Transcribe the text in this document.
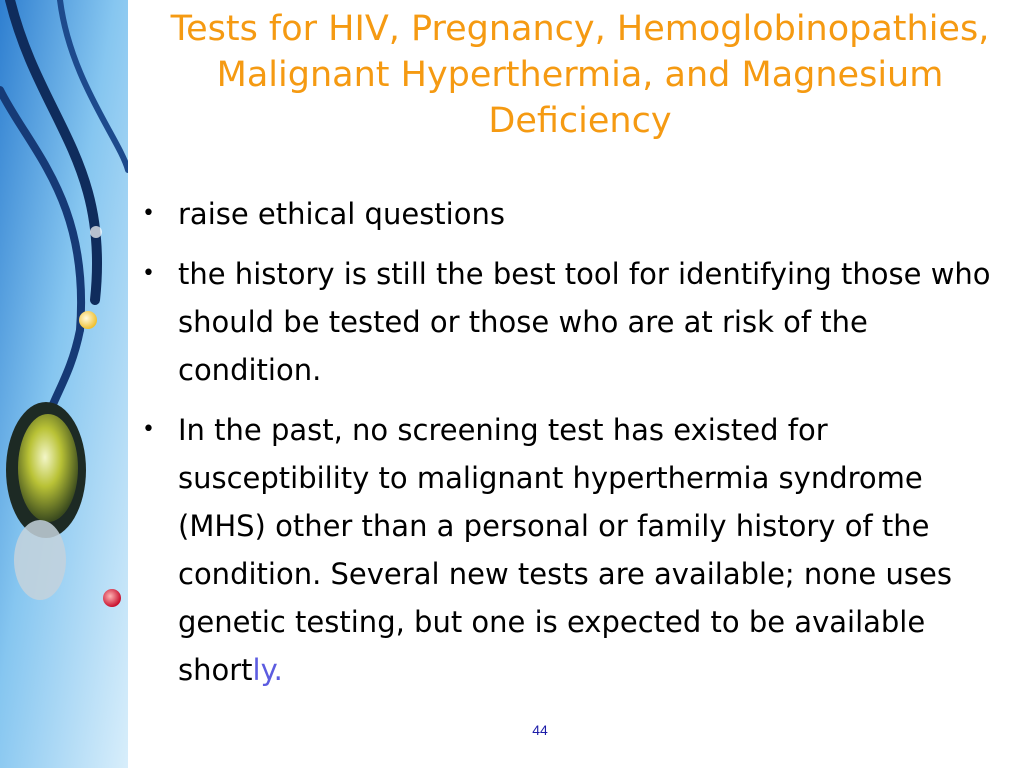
Tests for HIV, Pregnancy, Hemoglobinopathies, Malignant Hyperthermia, and Magnesium Deficiency
• raise ethical questions
• the history is still the best tool for identifying those who should be tested or those who are at risk of the condition.
• In the past, no screening test has existed for susceptibility to malignant hyperthermia syndrome (MHS) other than a personal or family history of the condition. Several new tests are available; none uses genetic testing, but one is expected to be available shortly.
44
